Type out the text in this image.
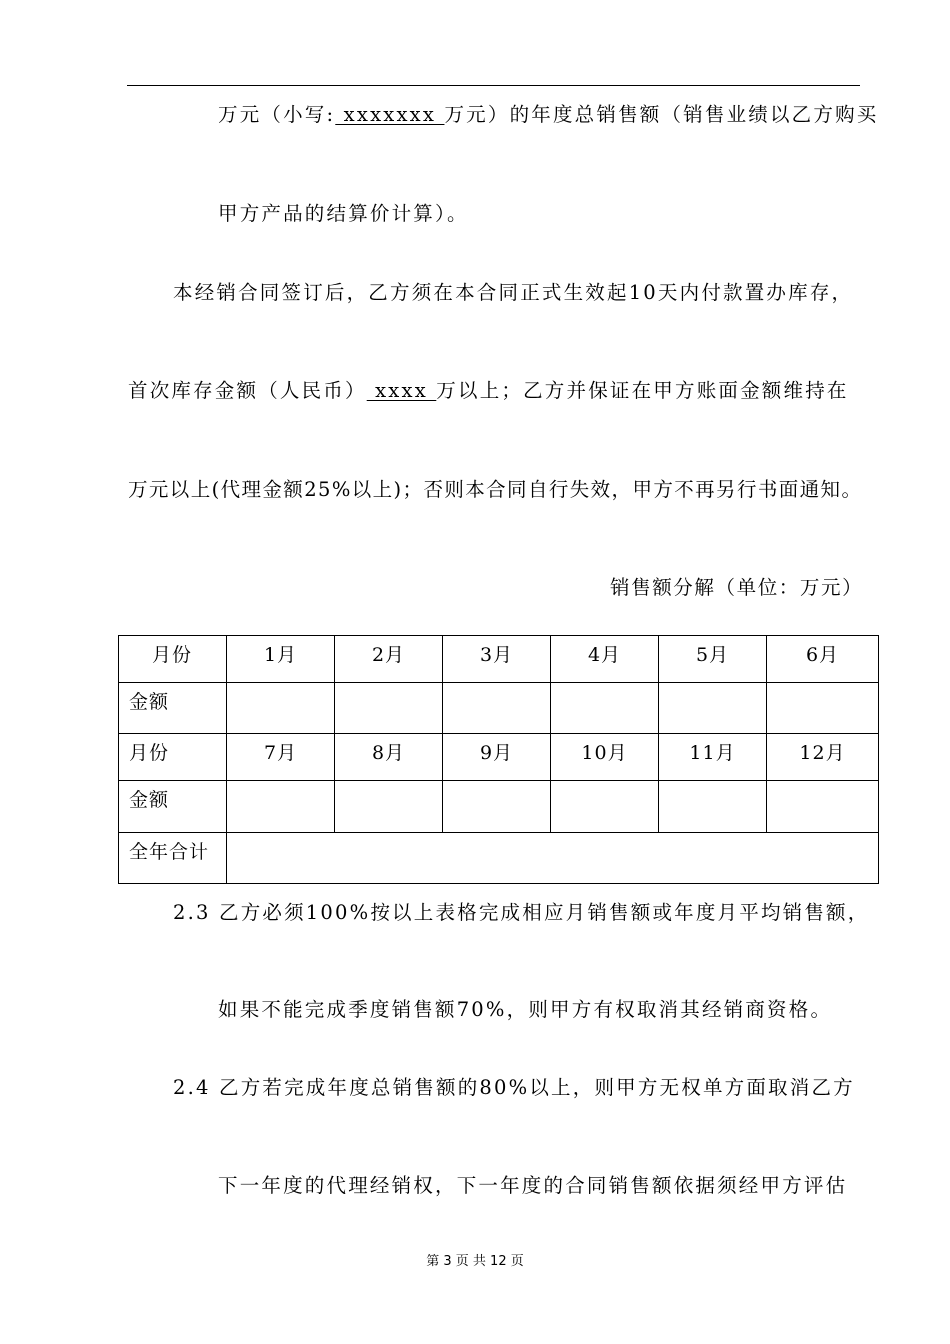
万元（小写: xxxxxxx 万元）的年度总销售额（销售业绩以乙方购买
甲方产品的结算价计算）。
本经销合同签订后，乙方须在本合同正式生效起10天内付款置办库存，
首次库存金额（人民币） xxxx 万以上；乙方并保证在甲方账面金额维持在
万元以上(代理金额25%以上)；否则本合同自行失效，甲方不再另行书面通知。
销售额分解（单位：万元）
月份	1月	2月	3月	4月	5月	6月
金额						
月份	7月	8月	9月	10月	11月	12月
金额						
全年合计						
2.3 乙方必须100%按以上表格完成相应月销售额或年度月平均销售额，
如果不能完成季度销售额70%，则甲方有权取消其经销商资格。
2.4 乙方若完成年度总销售额的80%以上，则甲方无权单方面取消乙方
下一年度的代理经销权，下一年度的合同销售额依据须经甲方评估
第 3 页 共 12 页
